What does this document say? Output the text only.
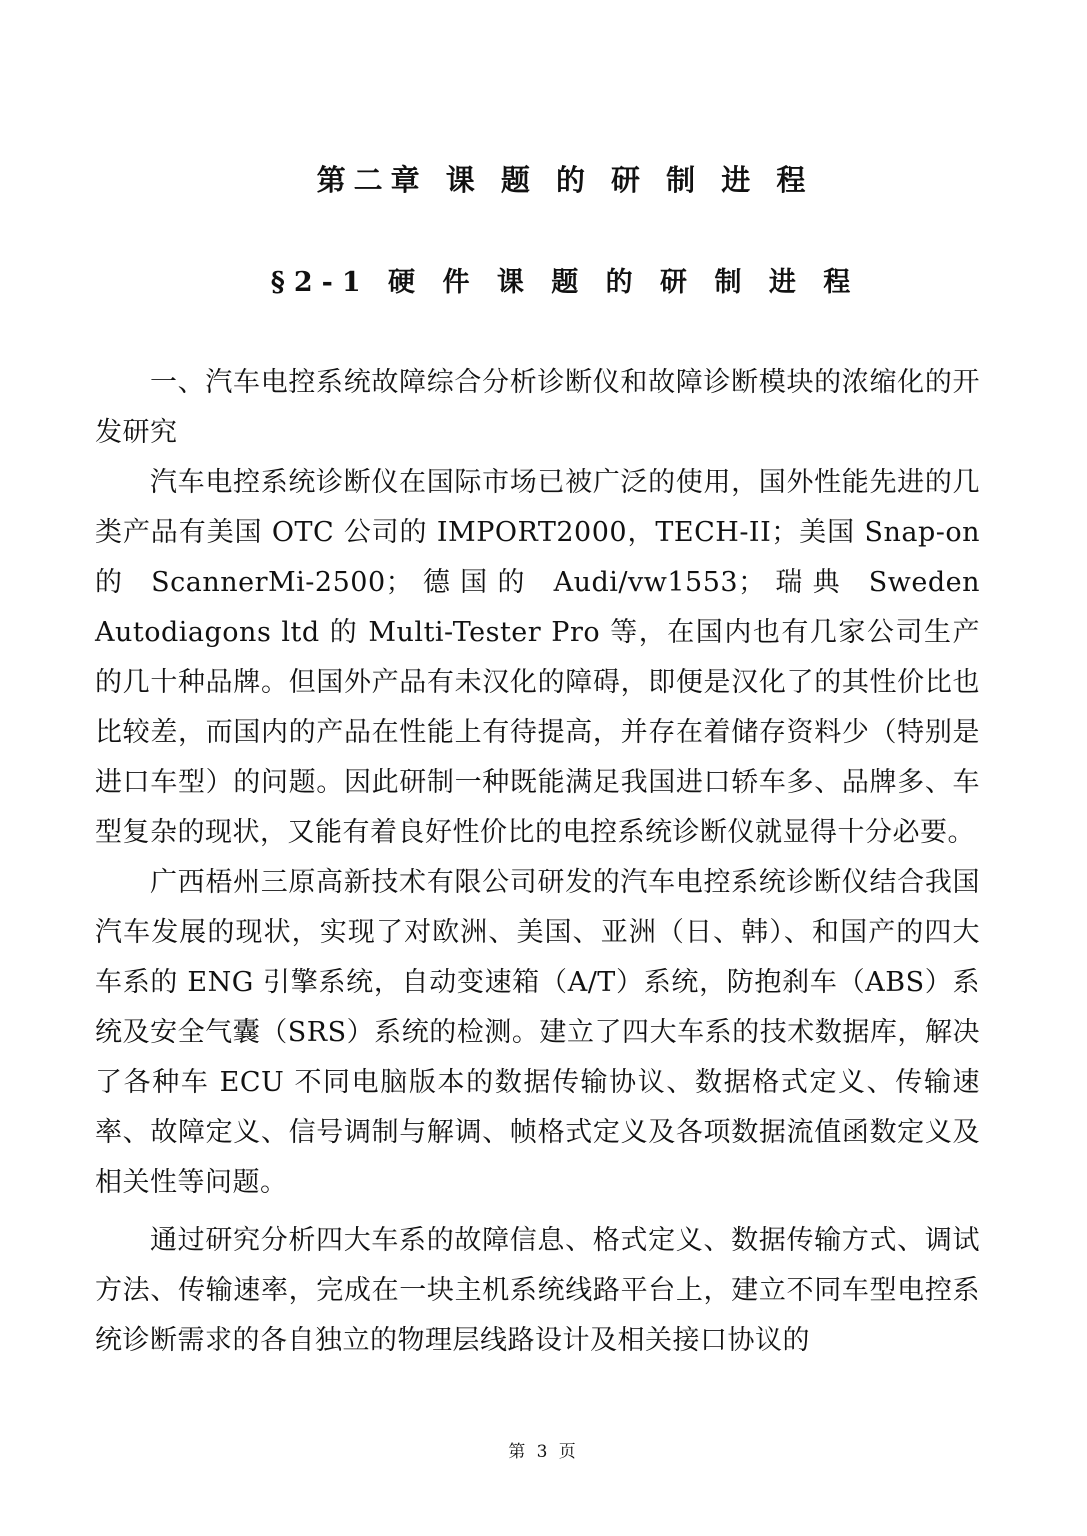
第二章 课 题 的 研 制 进 程
§2-1 硬 件 课 题 的 研 制 进 程

一、汽车电控系统故障综合分析诊断仪和故障诊断模块的浓缩化的开发研究

汽车电控系统诊断仪在国际市场已被广泛的使用，国外性能先进的几类产品有美国 OTC 公司的 IMPORT2000，TECH-II；美国 Snap-on 的 ScannerMi-2500；德国的 Audi/vw1553；瑞典 Sweden Autodiagons ltd 的 Multi-Tester Pro 等，在国内也有几家公司生产的几十种品牌。但国外产品有未汉化的障碍，即便是汉化了的其性价比也比较差，而国内的产品在性能上有待提高，并存在着储存资料少（特别是进口车型）的问题。因此研制一种既能满足我国进口轿车多、品牌多、车型复杂的现状，又能有着良好性价比的电控系统诊断仪就显得十分必要。

广西梧州三原高新技术有限公司研发的汽车电控系统诊断仪结合我国汽车发展的现状，实现了对欧洲、美国、亚洲（日、韩）、和国产的四大车系的 ENG 引擎系统，自动变速箱（A/T）系统，防抱刹车（ABS）系统及安全气囊（SRS）系统的检测。建立了四大车系的技术数据库，解决了各种车 ECU 不同电脑版本的数据传输协议、数据格式定义、传输速率、故障定义、信号调制与解调、帧格式定义及各项数据流值函数定义及相关性等问题。

通过研究分析四大车系的故障信息、格式定义、数据传输方式、调试方法、传输速率，完成在一块主机系统线路平台上，建立不同车型电控系统诊断需求的各自独立的物理层线路设计及相关接口协议的

第 3 页
